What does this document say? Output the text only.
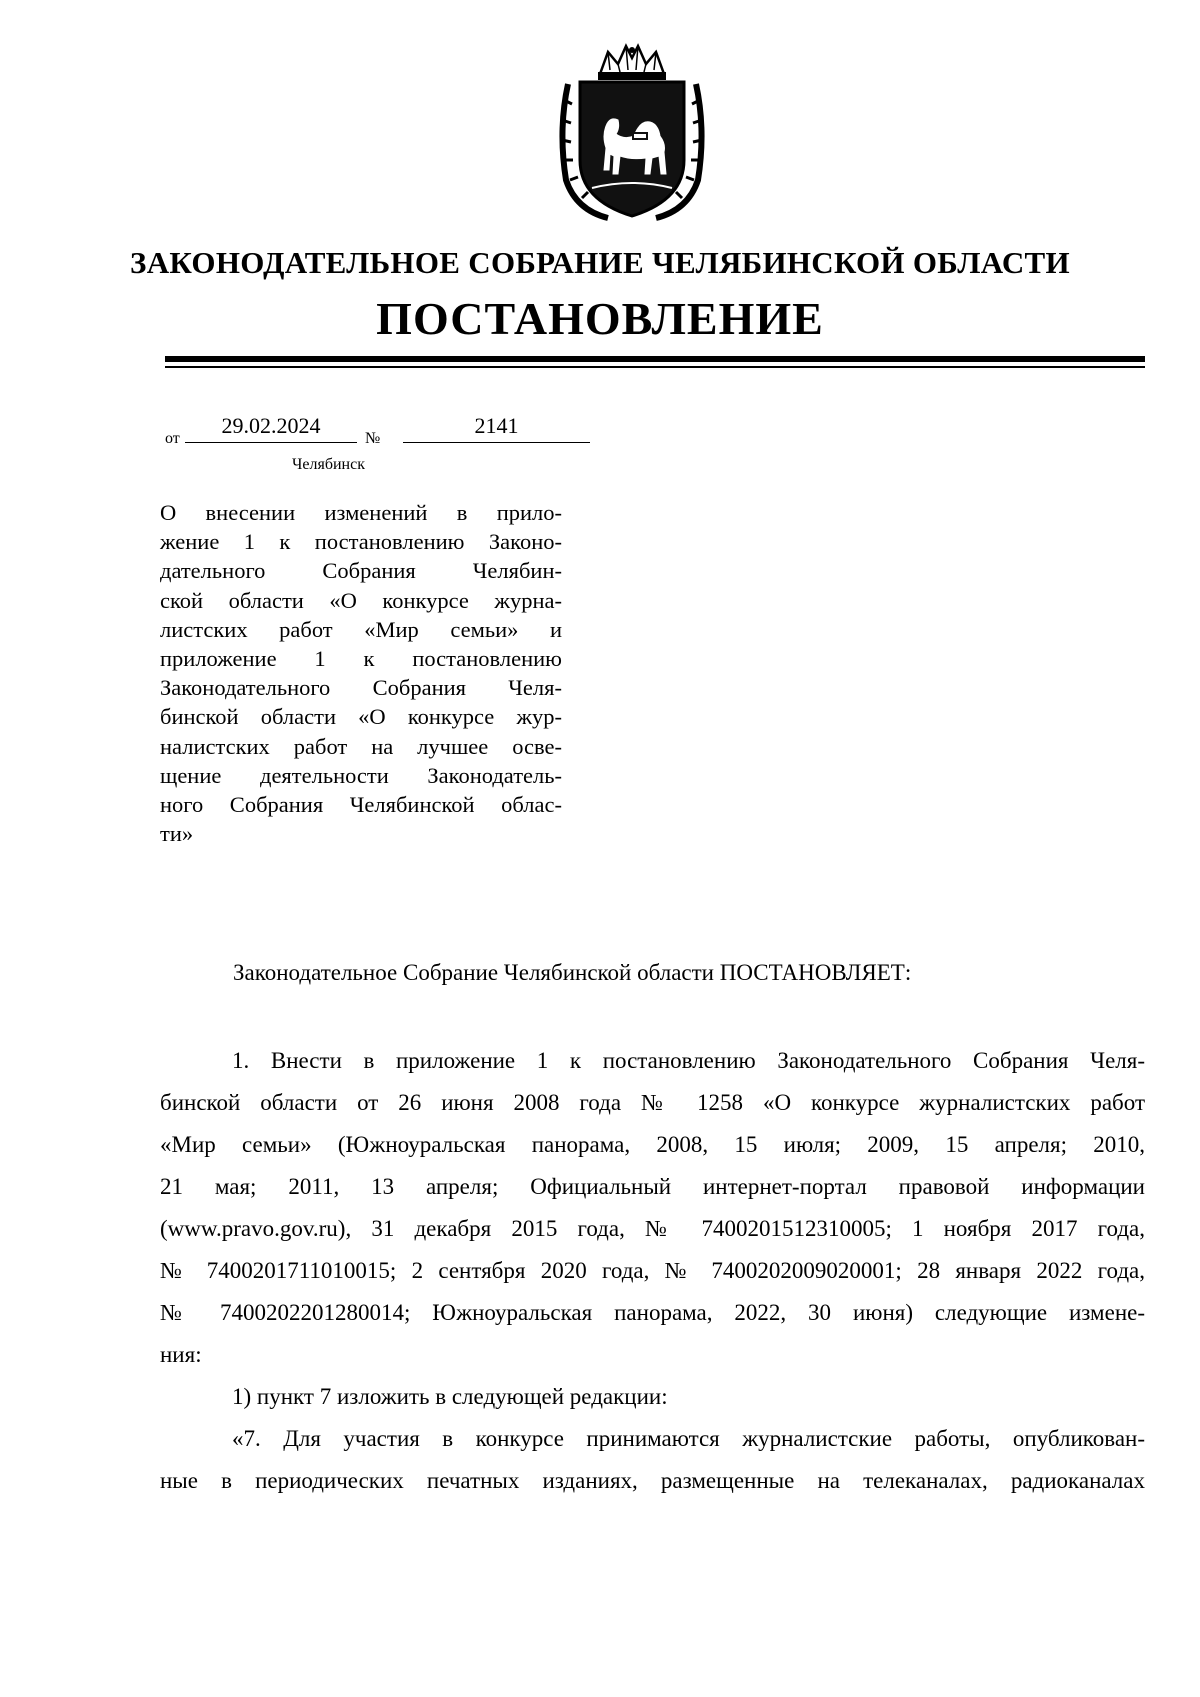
ЗАКОНОДАТЕЛЬНОЕ СОБРАНИЕ ЧЕЛЯБИНСКОЙ ОБЛАСТИ
ПОСТАНОВЛЕНИЕ
от
29.02.2024
№
2141
Челябинск
О внесении изменений в прило-
жение 1 к постановлению Законо-
дательного Собрания Челябин-
ской области «О конкурсе журна-
листских работ «Мир семьи» и
приложение 1 к постановлению
Законодательного Собрания Челя-
бинской области «О конкурсе жур-
налистских работ на лучшее осве-
щение деятельности Законодатель-
ного Собрания Челябинской облас-
ти»
Законодательное Собрание Челябинской области ПОСТАНОВЛЯЕТ:
1. Внести в приложение 1 к постановлению Законодательного Собрания Челя-
бинской области от 26 июня 2008 года № 1258 «О конкурсе журналистских работ
«Мир семьи» (Южноуральская панорама, 2008, 15 июля; 2009, 15 апреля; 2010,
21 мая; 2011, 13 апреля; Официальный интернет-портал правовой информации
(www.pravo.gov.ru), 31 декабря 2015 года, № 7400201512310005; 1 ноября 2017 года,
№ 7400201711010015; 2 сентября 2020 года, № 7400202009020001; 28 января 2022 года,
№ 7400202201280014; Южноуральская панорама, 2022, 30 июня) следующие измене-
ния:
1) пункт 7 изложить в следующей редакции:
«7. Для участия в конкурсе принимаются журналистские работы, опубликован-
ные в периодических печатных изданиях, размещенные на телеканалах, радиоканалах
